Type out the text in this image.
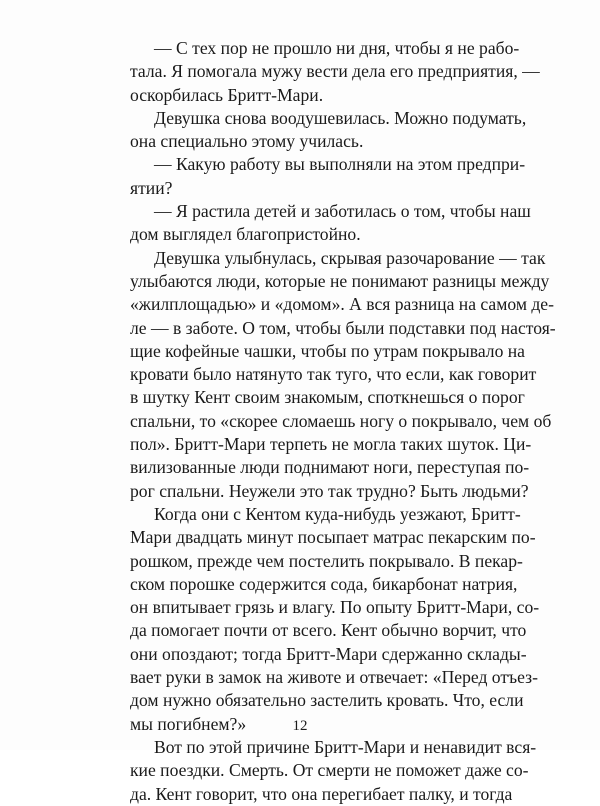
— С тех пор не прошло ни дня, чтобы я не рабо-
тала. Я помогала мужу вести дела его предприятия, —
оскорбилась Бритт-Мари.
Девушка снова воодушевилась. Можно подумать,
она специально этому училась.
— Какую работу вы выполняли на этом предпри-
ятии?
— Я растила детей и заботилась о том, чтобы наш
дом выглядел благопристойно.
Девушка улыбнулась, скрывая разочарование — так
улыбаются люди, которые не понимают разницы между
«жилплощадью» и «домом». А вся разница на самом де-
ле — в заботе. О том, чтобы были подставки под настоя-
щие кофейные чашки, чтобы по утрам покрывало на
кровати было натянуто так туго, что если, как говорит
в шутку Кент своим знакомым, споткнешься о порог
спальни, то «скорее сломаешь ногу о покрывало, чем об
пол». Бритт-Мари терпеть не могла таких шуток. Ци-
вилизованные люди поднимают ноги, переступая по-
рог спальни. Неужели это так трудно? Быть людьми?
Когда они с Кентом куда-нибудь уезжают, Бритт-
Мари двадцать минут посыпает матрас пекарским по-
рошком, прежде чем постелить покрывало. В пекар-
ском порошке содержится сода, бикарбонат натрия,
он впитывает грязь и влагу. По опыту Бритт-Мари, со-
да помогает почти от всего. Кент обычно ворчит, что
они опоздают; тогда Бритт-Мари сдержанно склады-
вает руки в замок на животе и отвечает: «Перед отъез-
дом нужно обязательно застелить кровать. Что, если
мы погибнем?»
Вот по этой причине Бритт-Мари и ненавидит вся-
кие поездки. Смерть. От смерти не поможет даже со-
да. Кент говорит, что она перегибает палку, и тогда
12
